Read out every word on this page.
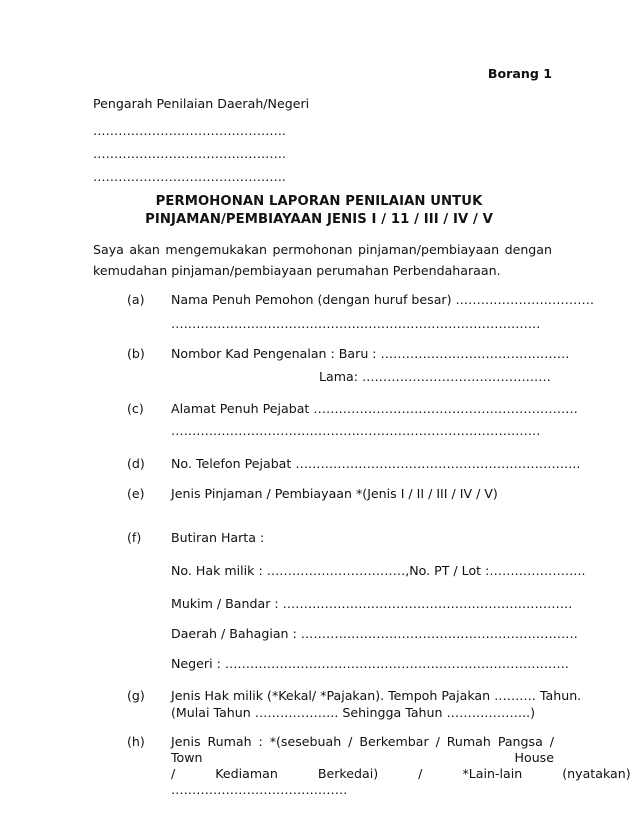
Borang 1
Pengarah Penilaian Daerah/Negeri
……………………………………….
……………………………………….
……………………………………….
PERMOHONAN LAPORAN PENILAIAN UNTUK
PINJAMAN/PEMBIAYAAN JENIS I / 11 / III / IV / V
Saya akan mengemukakan permohonan pinjaman/pembiayaan dengan kemudahan pinjaman/pembiayaan perumahan Perbendaharaan.
(a) Nama Penuh Pemohon (dengan huruf besar) ……………………………
…………………………………………………………………………….
(b) Nombor Kad Pengenalan : Baru : ………………………………………
Lama: ………………………………………
(c) Alamat Penuh Pejabat ………………………………………………………
…………………………………………………………………………….
(d) No. Telefon Pejabat …………………………………………………………..
(e) Jenis Pinjaman / Pembiayaan *(Jenis I / II / III / IV / V)
(f) Butiran Harta :
No. Hak milik : ……………………………,No. PT / Lot :…………………..
Mukim / Bandar : ……………………………………………………………
Daerah / Bahagian : …………………………………………………………
Negeri : ……………………………………………………………………….
(g) Jenis Hak milik (*Kekal/ *Pajakan). Tempoh Pajakan ………. Tahun.
(Mulai Tahun ……………….. Sehingga Tahun ………………..)
(h) Jenis Rumah : *(sesebuah / Berkembar / Rumah Pangsa / Town House
/          Kediaman          Berkedai)          /          *Lain-lain          (nyatakan)
……………………………………
